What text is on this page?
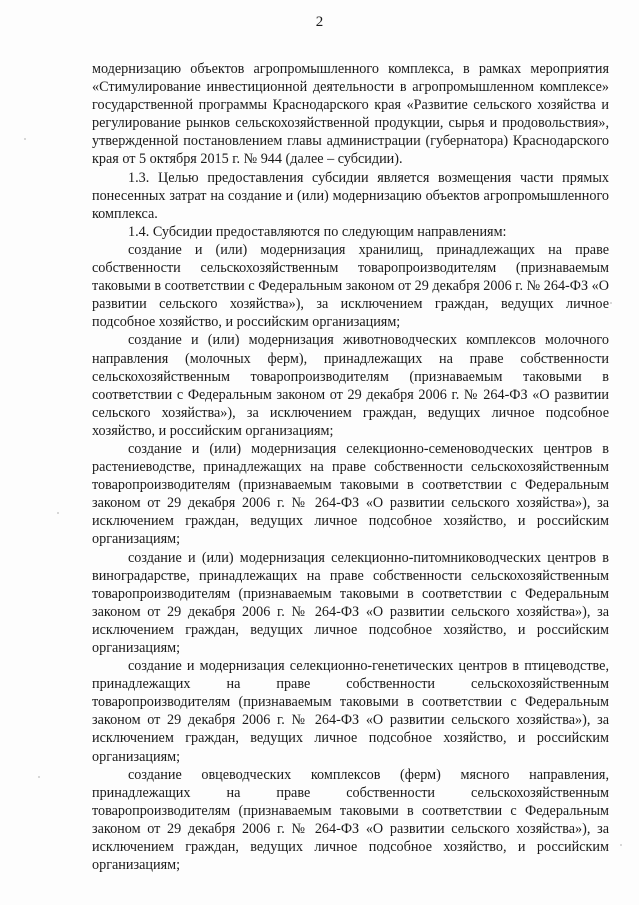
2

модернизацию объектов агропромышленного комплекса, в рамках мероприятия «Стимулирование инвестиционной деятельности в агропромышленном комплексе» государственной программы Краснодарского края «Развитие сельского хозяйства и регулирование рынков сельскохозяйственной продукции, сырья и продовольствия», утвержденной постановлением главы администрации (губернатора) Краснодарского края от 5 октября 2015 г. № 944 (далее – субсидии).

1.3. Целью предоставления субсидии является возмещения части прямых понесенных затрат на создание и (или) модернизацию объектов агропромышленного комплекса.

1.4. Субсидии предоставляются по следующим направлениям:

создание и (или) модернизация хранилищ, принадлежащих на праве собственности сельскохозяйственным товаропроизводителям (признаваемым таковыми в соответствии с Федеральным законом от 29 декабря 2006 г. № 264-ФЗ «О развитии сельского хозяйства»), за исключением граждан, ведущих личное подсобное хозяйство, и российским организациям;

создание и (или) модернизация животноводческих комплексов молочного направления (молочных ферм), принадлежащих на праве собственности сельскохозяйственным товаропроизводителям (признаваемым таковыми в соответствии с Федеральным законом от 29 декабря 2006 г. № 264-ФЗ «О развитии сельского хозяйства»), за исключением граждан, ведущих личное подсобное хозяйство, и российским организациям;

создание и (или) модернизация селекционно-семеноводческих центров в растениеводстве, принадлежащих на праве собственности сельскохозяйственным товаропроизводителям (признаваемым таковыми в соответствии с Федеральным законом от 29 декабря 2006 г. № 264-ФЗ «О развитии сельского хозяйства»), за исключением граждан, ведущих личное подсобное хозяйство, и российским организациям;

создание и (или) модернизация селекционно-питомниководческих центров в виноградарстве, принадлежащих на праве собственности сельскохозяйственным товаропроизводителям (признаваемым таковыми в соответствии с Федеральным законом от 29 декабря 2006 г. № 264-ФЗ «О развитии сельского хозяйства»), за исключением граждан, ведущих личное подсобное хозяйство, и российским организациям;

создание и модернизация селекционно-генетических центров в птицеводстве, принадлежащих на праве собственности сельскохозяйственным товаропроизводителям (признаваемым таковыми в соответствии с Федеральным законом от 29 декабря 2006 г. № 264-ФЗ «О развитии сельского хозяйства»), за исключением граждан, ведущих личное подсобное хозяйство, и российским организациям;

создание овцеводческих комплексов (ферм) мясного направления, принадлежащих на праве собственности сельскохозяйственным товаропроизводителям (признаваемым таковыми в соответствии с Федеральным законом от 29 декабря 2006 г. № 264-ФЗ «О развитии сельского хозяйства»), за исключением граждан, ведущих личное подсобное хозяйство, и российским организациям;
